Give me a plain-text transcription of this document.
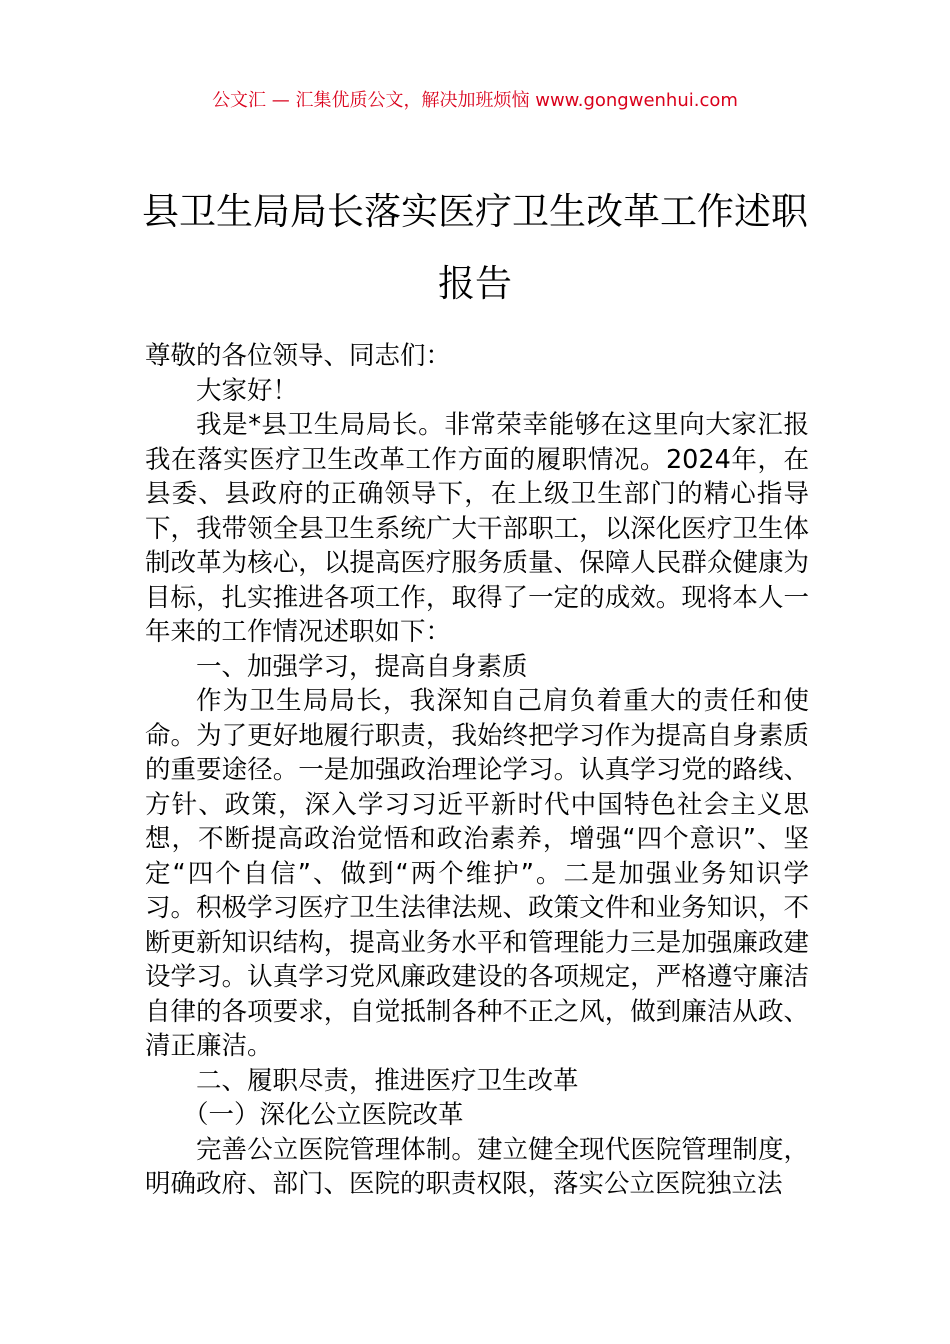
公文汇 — 汇集优质公文，解决加班烦恼 www.gongwenhui.com
县卫生局局长落实医疗卫生改革工作述职
报告

尊敬的各位领导、同志们：

大家好！

我是*县卫生局局长。非常荣幸能够在这里向大家汇报我在落实医疗卫生改革工作方面的履职情况。2024年，在县委、县政府的正确领导下，在上级卫生部门的精心指导下，我带领全县卫生系统广大干部职工，以深化医疗卫生体制改革为核心，以提高医疗服务质量、保障人民群众健康为目标，扎实推进各项工作，取得了一定的成效。现将本人一年来的工作情况述职如下：

一、加强学习，提高自身素质

作为卫生局局长，我深知自己肩负着重大的责任和使命。为了更好地履行职责，我始终把学习作为提高自身素质的重要途径。一是加强政治理论学习。认真学习党的路线、方针、政策，深入学习习近平新时代中国特色社会主义思想，不断提高政治觉悟和政治素养，增强“四个意识”、坚定“四个自信”、做到“两个维护”。二是加强业务知识学习。积极学习医疗卫生法律法规、政策文件和业务知识，不断更新知识结构，提高业务水平和管理能力三是加强廉政建设学习。认真学习党风廉政建设的各项规定，严格遵守廉洁自律的各项要求，自觉抵制各种不正之风，做到廉洁从政、清正廉洁。

二、履职尽责，推进医疗卫生改革

（一）深化公立医院改革

完善公立医院管理体制。建立健全现代医院管理制度，明确政府、部门、医院的职责权限，落实公立医院独立法
